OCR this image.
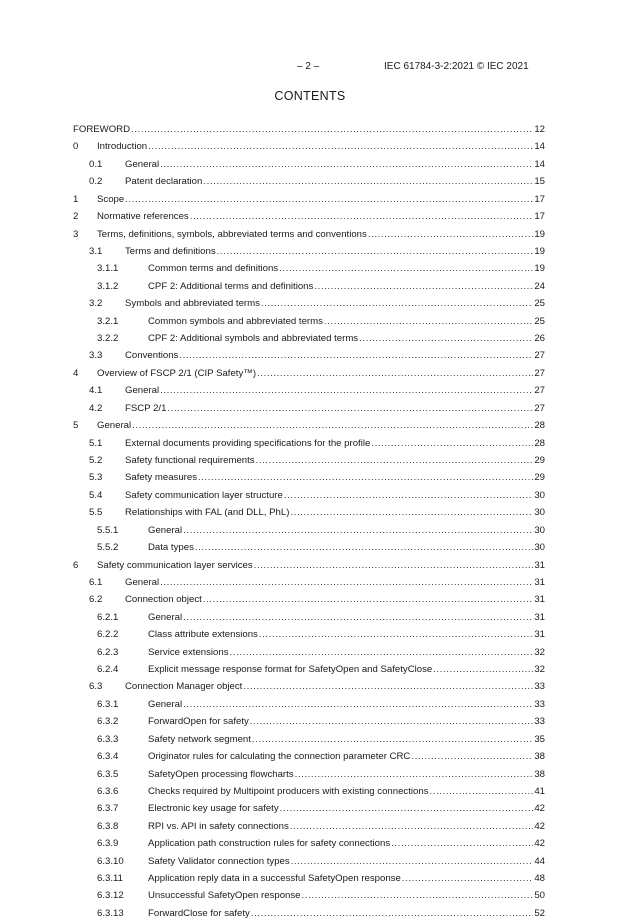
– 2 –	IEC 61784-3-2:2021 © IEC 2021
CONTENTS
FOREWORD .....	12
0 Introduction .....	14
0.1 General .....	14
0.2 Patent declaration .....	15
1 Scope .....	17
2 Normative references .....	17
3 Terms, definitions, symbols, abbreviated terms and conventions .....	19
3.1 Terms and definitions .....	19
3.1.1	Common terms and definitions .....	19
3.1.2	CPF 2: Additional terms and definitions .....	24
3.2 Symbols and abbreviated terms .....	25
3.2.1	Common symbols and abbreviated terms .....	25
3.2.2	CPF 2: Additional symbols and abbreviated terms .....	26
3.3 Conventions .....	27
4 Overview of FSCP 2/1 (CIP Safety™) .....	27
4.1 General .....	27
4.2 FSCP 2/1 .....	27
5 General .....	28
5.1 External documents providing specifications for the profile .....	28
5.2 Safety functional requirements .....	29
5.3 Safety measures .....	29
5.4 Safety communication layer structure .....	30
5.5 Relationships with FAL (and DLL, PhL) .....	30
5.5.1	General .....	30
5.5.2	Data types .....	30
6 Safety communication layer services .....	31
6.1 General .....	31
6.2 Connection object .....	31
6.2.1	General .....	31
6.2.2	Class attribute extensions .....	31
6.2.3	Service extensions .....	32
6.2.4	Explicit message response format for SafetyOpen and SafetyClose .....	32
6.3 Connection Manager object .....	33
6.3.1	General .....	33
6.3.2	ForwardOpen for safety .....	33
6.3.3	Safety network segment .....	35
6.3.4	Originator rules for calculating the connection parameter CRC .....	38
6.3.5	SafetyOpen processing flowcharts .....	38
6.3.6	Checks required by Multipoint producers with existing connections .....	41
6.3.7	Electronic key usage for safety .....	42
6.3.8	RPI vs. API in safety connections .....	42
6.3.9	Application path construction rules for safety connections .....	42
6.3.10	Safety Validator connection types .....	44
6.3.11	Application reply data in a successful SafetyOpen response .....	48
6.3.12	Unsuccessful SafetyOpen response .....	50
6.3.13	ForwardClose for safety .....	52
